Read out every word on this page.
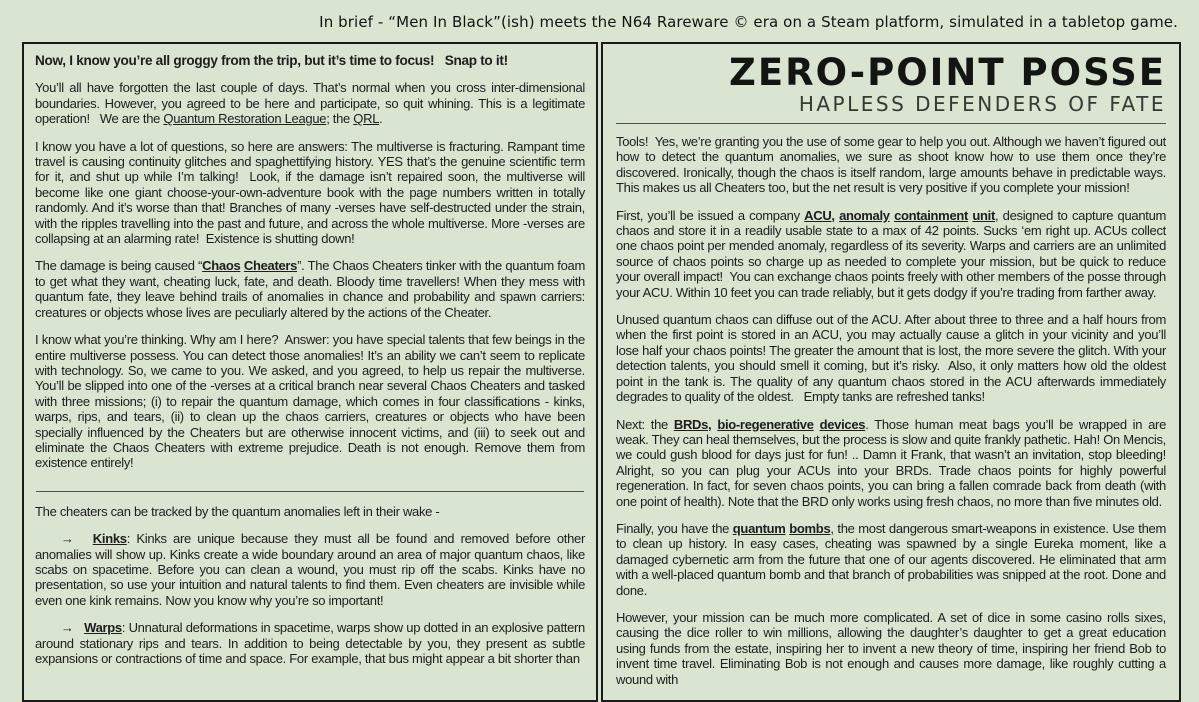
In brief - “Men In Black”(ish) meets the N64 Rareware © era on a Steam platform, simulated in a tabletop game.

Now, I know you’re all groggy from the trip, but it’s time to focus!   Snap to it!

You’ll all have forgotten the last couple of days. That’s normal when you cross inter-dimensional boundaries. However, you agreed to be here and participate, so quit whining. This is a legitimate operation!   We are the Quantum Restoration League; the QRL.

I know you have a lot of questions, so here are answers: The multiverse is fracturing. Rampant time travel is causing continuity glitches and spaghettifying history. YES that’s the genuine scientific term for it, and shut up while I’m talking!  Look, if the damage isn’t repaired soon, the multiverse will become like one giant choose-your-own-adventure book with the page numbers written in totally randomly. And it’s worse than that! Branches of many -verses have self-destructed under the strain, with the ripples travelling into the past and future, and across the whole multiverse. More -verses are collapsing at an alarming rate!  Existence is shutting down!

The damage is being caused “Chaos Cheaters”. The Chaos Cheaters tinker with the quantum foam to get what they want, cheating luck, fate, and death. Bloody time travellers! When they mess with quantum fate, they leave behind trails of anomalies in chance and probability and spawn carriers: creatures or objects whose lives are peculiarly altered by the actions of the Cheater.

I know what you’re thinking. Why am I here?  Answer: you have special talents that few beings in the entire multiverse possess. You can detect those anomalies! It’s an ability we can’t seem to replicate with technology. So, we came to you. We asked, and you agreed, to help us repair the multiverse. You’ll be slipped into one of the -verses at a critical branch near several Chaos Cheaters and tasked with three missions; (i) to repair the quantum damage, which comes in four classifications - kinks, warps, rips, and tears, (ii) to clean up the chaos carriers, creatures or objects who have been specially influenced by the Cheaters but are otherwise innocent victims, and (iii) to seek out and eliminate the Chaos Cheaters with extreme prejudice. Death is not enough. Remove them from existence entirely!

The cheaters can be tracked by the quantum anomalies left in their wake -

→   Kinks: Kinks are unique because they must all be found and removed before other anomalies will show up. Kinks create a wide boundary around an area of major quantum chaos, like scabs on spacetime. Before you can clean a wound, you must rip off the scabs. Kinks have no presentation, so use your intuition and natural talents to find them. Even cheaters are invisible while even one kink remains. Now you know why you’re so important!

→   Warps: Unnatural deformations in spacetime, warps show up dotted in an explosive pattern around stationary rips and tears. In addition to being detectable by you, they present as subtle expansions or contractions of time and space. For example, that bus might appear a bit shorter than

ZERO-POINT POSSE
HAPLESS DEFENDERS OF FATE

Tools!  Yes, we’re granting you the use of some gear to help you out. Although we haven’t figured out how to detect the quantum anomalies, we sure as shoot know how to use them once they’re discovered. Ironically, though the chaos is itself random, large amounts behave in predictable ways. This makes us all Cheaters too, but the net result is very positive if you complete your mission!

First, you’ll be issued a company ACU, anomaly containment unit, designed to capture quantum chaos and store it in a readily usable state to a max of 42 points. Sucks ‘em right up. ACUs collect one chaos point per mended anomaly, regardless of its severity. Warps and carriers are an unlimited source of chaos points so charge up as needed to complete your mission, but be quick to reduce your overall impact!  You can exchange chaos points freely with other members of the posse through your ACU. Within 10 feet you can trade reliably, but it gets dodgy if you’re trading from farther away.

Unused quantum chaos can diffuse out of the ACU. After about three to three and a half hours from when the first point is stored in an ACU, you may actually cause a glitch in your vicinity and you’ll lose half your chaos points! The greater the amount that is lost, the more severe the glitch. With your detection talents, you should smell it coming, but it’s risky.  Also, it only matters how old the oldest point in the tank is. The quality of any quantum chaos stored in the ACU afterwards immediately degrades to quality of the oldest.   Empty tanks are refreshed tanks!

Next: the BRDs, bio-regenerative devices. Those human meat bags you’ll be wrapped in are weak. They can heal themselves, but the process is slow and quite frankly pathetic. Hah! On Mencis, we could gush blood for days just for fun! .. Damn it Frank, that wasn’t an invitation, stop bleeding! Alright, so you can plug your ACUs into your BRDs. Trade chaos points for highly powerful regeneration. In fact, for seven chaos points, you can bring a fallen comrade back from death (with one point of health). Note that the BRD only works using fresh chaos, no more than five minutes old.

Finally, you have the quantum bombs, the most dangerous smart-weapons in existence. Use them to clean up history. In easy cases, cheating was spawned by a single Eureka moment, like a damaged cybernetic arm from the future that one of our agents discovered. He eliminated that arm with a well-placed quantum bomb and that branch of probabilities was snipped at the root. Done and done.

However, your mission can be much more complicated. A set of dice in some casino rolls sixes, causing the dice roller to win millions, allowing the daughter’s daughter to get a great education using funds from the estate, inspiring her to invent a new theory of time, inspiring her friend Bob to invent time travel. Eliminating Bob is not enough and causes more damage, like roughly cutting a wound with
